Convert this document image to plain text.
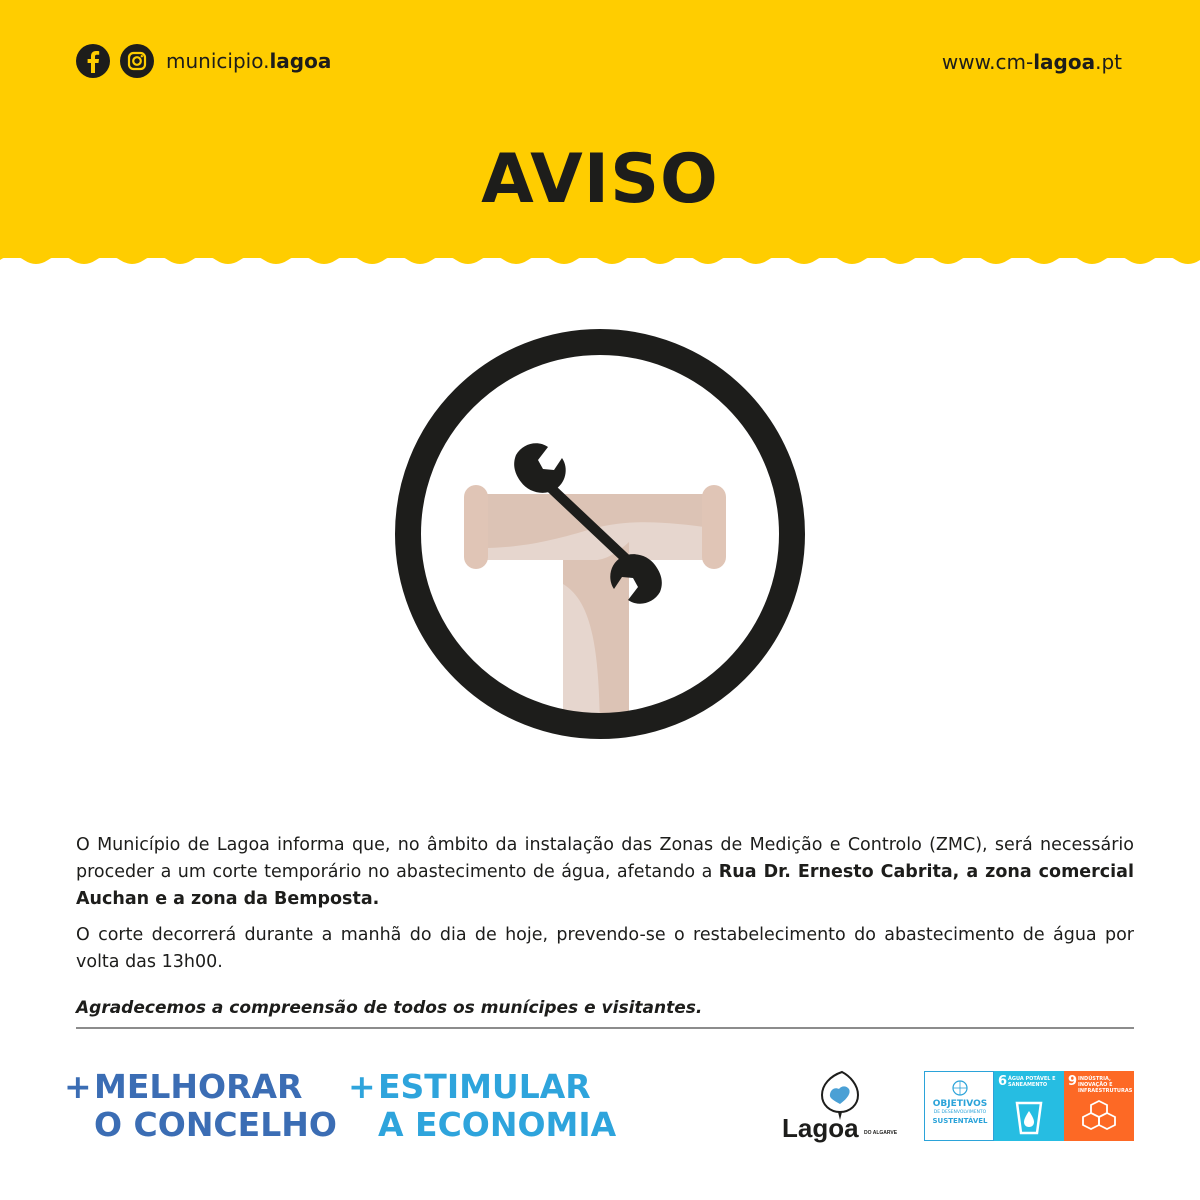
municipio.lagoa	www.cm-lagoa.pt
AVISO

O Município de Lagoa informa que, no âmbito da instalação das Zonas de Medição e Controlo (ZMC), será necessário proceder a um corte temporário no abastecimento de água, afetando a Rua Dr. Ernesto Cabrita, a zona comercial Auchan e a zona da Bemposta.

O corte decorrerá durante a manhã do dia de hoje, prevendo-se o restabelecimento do abastecimento de água por volta das 13h00.

Agradecemos a compreensão de todos os munícipes e visitantes.
+ MELHORAR
O CONCELHO
+ ESTIMULAR
A ECONOMIA	Lagoa DO ALGARVE
OBJETIVOS
DE DESENVOLVIMENTO
SUSTENTÁVEL
6 ÁGUA POTÁVEL E SANEAMENTO	9 INDÚSTRIA, INOVAÇÃO E INFRAESTRUTURAS
